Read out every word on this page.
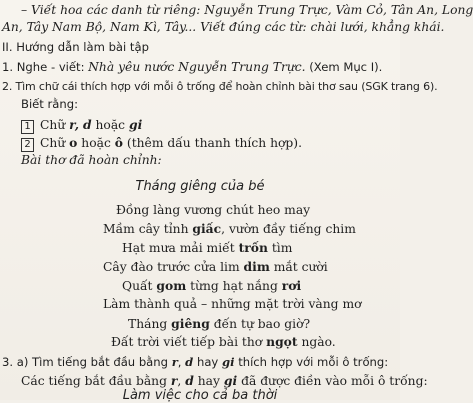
– Viết hoa các danh từ riêng: Nguyễn Trung Trực, Vàm Cỏ, Tân An, Long
An, Tây Nam Bộ, Nam Kì, Tây... Viết đúng các từ: chài lưới, khẳng khái.
II. Hướng dẫn làm bài tập
1. Nghe - viết: Nhà yêu nước Nguyễn Trung Trực. (Xem Mục I).
2. Tìm chữ cái thích hợp với mỗi ô trống để hoàn chỉnh bài thơ sau (SGK trang 6).
Biết rằng:
1 Chữ r, d hoặc gi
2 Chữ o hoặc ô (thêm dấu thanh thích hợp).
Bài thơ đã hoàn chỉnh:
Tháng giêng của bé
Đồng làng vương chút heo may
Mầm cây tỉnh giấc, vườn đầy tiếng chim
Hạt mưa mải miết trốn tìm
Cây đào trước cửa lim dim mắt cười
Quất gom từng hạt nắng rơi
Làm thành quả – những mặt trời vàng mơ
Tháng giêng đến tự bao giờ?
Đất trời viết tiếp bài thơ ngọt ngào.
3. a) Tìm tiếng bắt đầu bằng r, d hay gi thích hợp với mỗi ô trống:
Các tiếng bắt đầu bằng r, d hay gi đã được điền vào mỗi ô trống:
Làm việc cho cả ba thời
